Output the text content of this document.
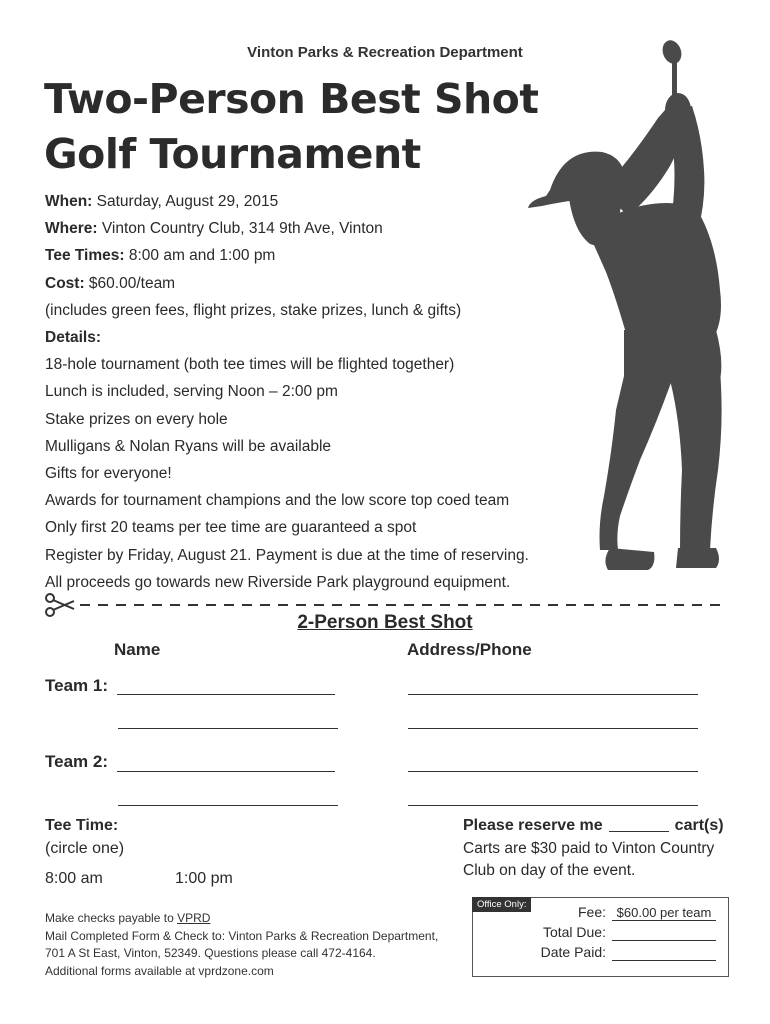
Vinton Parks & Recreation Department
Two-Person Best Shot
Golf Tournament
When: Saturday, August 29, 2015
Where: Vinton Country Club, 314 9th Ave, Vinton
Tee Times: 8:00 am and 1:00 pm
Cost: $60.00/team
(includes green fees, flight prizes, stake prizes, lunch & gifts)
Details:
18-hole tournament (both tee times will be flighted together)
Lunch is included, serving Noon – 2:00 pm
Stake prizes on every hole
Mulligans & Nolan Ryans will be available
Gifts for everyone!
Awards for tournament champions and the low score top coed team
Only first 20 teams per tee time are guaranteed a spot
Register by Friday, August 21. Payment is due at the time of reserving.
All proceeds go towards new Riverside Park playground equipment.
2-Person Best Shot
Name	Address/Phone
Team 1:
Team 2:
Tee Time:
(circle one)
8:00 am	1:00 pm
Please reserve me	cart(s)
Carts are $30 paid to Vinton Country Club on day of the event.
Make checks payable to VPRD
Mail Completed Form & Check to: Vinton Parks & Recreation Department,
701 A St East, Vinton, 52349. Questions please call 472-4164.
Additional forms available at vprdzone.com
Office Only:	Fee: $60.00 per team
Total Due:
Date Paid:
